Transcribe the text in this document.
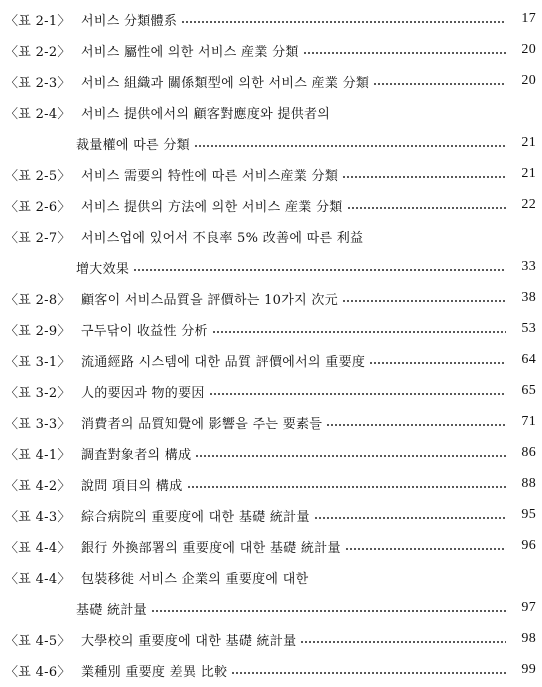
〈표 2-1〉 서비스 分類體系	17
〈표 2-2〉 서비스 屬性에 의한 서비스 産業 分類	20
〈표 2-3〉 서비스 組織과 關係類型에 의한 서비스 産業 分類	20
〈표 2-4〉 서비스 提供에서의 顧客對應度와 提供者의
裁量權에 따른 分類	21
〈표 2-5〉 서비스 需要의 特性에 따른 서비스産業 分類	21
〈표 2-6〉 서비스 提供의 方法에 의한 서비스 産業 分類	22
〈표 2-7〉 서비스업에 있어서 不良率 5% 改善에 따른 利益
增大效果	33
〈표 2-8〉 顧客이 서비스品質을 評價하는 10가지 次元	38
〈표 2-9〉 구두닦이 收益性 分析	53
〈표 3-1〉 流通經路 시스템에 대한 品質 評價에서의 重要度	64
〈표 3-2〉 人的要因과 物的要因	65
〈표 3-3〉 消費者의 品質知覺에 影響을 주는 要素들	71
〈표 4-1〉 調査對象者의 構成	86
〈표 4-2〉 說問 項目의 構成	88
〈표 4-3〉 綜合病院의 重要度에 대한 基礎 統計量	95
〈표 4-4〉 銀行 外換部署의 重要度에 대한 基礎 統計量	96
〈표 4-4〉 包裝移徙 서비스 企業의 重要度에 대한
基礎 統計量	97
〈표 4-5〉 大學校의 重要度에 대한 基礎 統計量	98
〈표 4-6〉 業種別 重要度 差異 比較	99
